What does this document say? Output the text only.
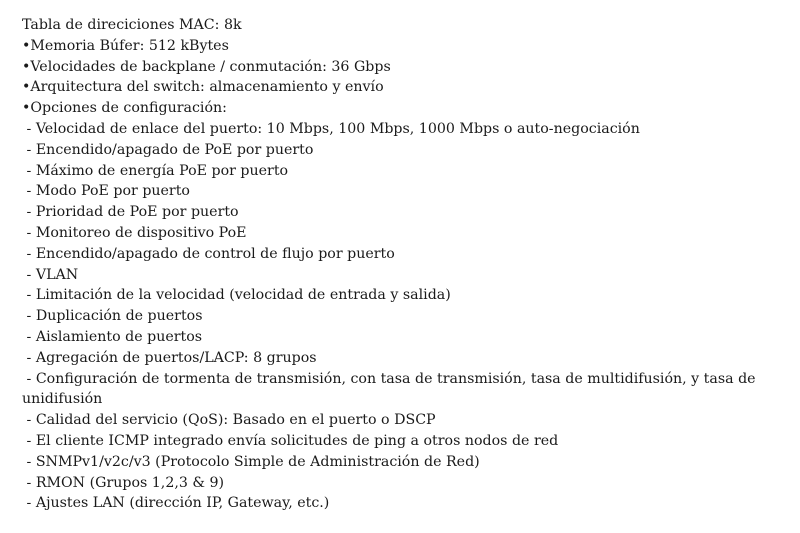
Tabla de direciciones MAC: 8k

•Memoria Búfer: 512 kBytes

•Velocidades de backplane / conmutación: 36 Gbps

•Arquitectura del switch: almacenamiento y envío

•Opciones de configuración:

- Velocidad de enlace del puerto: 10 Mbps, 100 Mbps, 1000 Mbps o auto-negociación

- Encendido/apagado de PoE por puerto

- Máximo de energía PoE por puerto

- Modo PoE por puerto

- Prioridad de PoE por puerto

- Monitoreo de dispositivo PoE

- Encendido/apagado de control de flujo por puerto

- VLAN

- Limitación de la velocidad (velocidad de entrada y salida)

- Duplicación de puertos

- Aislamiento de puertos

- Agregación de puertos/LACP: 8 grupos

- Configuración de tormenta de transmisión, con tasa de transmisión, tasa de multidifusión, y tasa de unidifusión

- Calidad del servicio (QoS): Basado en el puerto o DSCP

- El cliente ICMP integrado envía solicitudes de ping a otros nodos de red

- SNMPv1/v2c/v3 (Protocolo Simple de Administración de Red)

- RMON (Grupos 1,2,3 & 9)

- Ajustes LAN (dirección IP, Gateway, etc.)
